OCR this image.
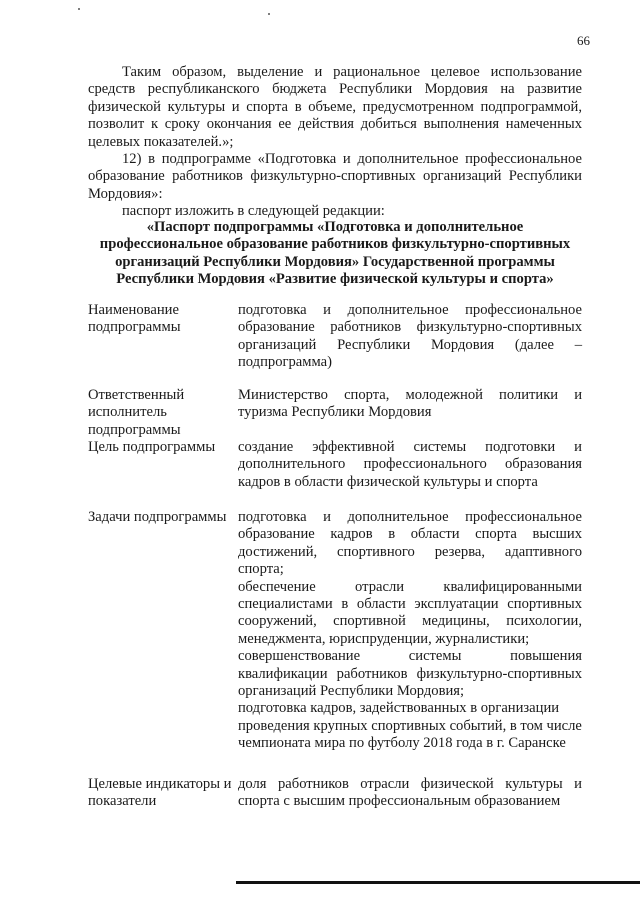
66

Таким образом, выделение и рациональное целевое использование средств республиканского бюджета Республики Мордовия на развитие физической культуры и спорта в объеме, предусмотренном подпрограммой, позволит к сроку окончания ее действия добиться выполнения намеченных целевых показателей.»;

12) в подпрограмме «Подготовка и дополнительное профессиональное образование работников физкультурно-спортивных организаций Республики Мордовия»:

паспорт изложить в следующей редакции:

«Паспорт подпрограммы «Подготовка и дополнительное профессиональное образование работников физкультурно-спортивных организаций Республики Мордовия» Государственной программы Республики Мордовия «Развитие физической культуры и спорта»
Наименование подпрограммы
подготовка и дополнительное профессиональное образование работников физкультурно-спортивных организаций Республики Мордовия (далее – подпрограмма)
Ответственный исполнитель подпрограммы
Министерство спорта, молодежной политики и туризма Республики Мордовия
Цель подпрограммы	создание эффективной системы подготовки и дополнительного профессионального образования кадров в области физической культуры и спорта
Задачи подпрограммы подготовка и дополнительное профессиональное образование кадров в области спорта высших достижений, спортивного резерва, адаптивного спорта;

обеспечение отрасли квалифицированными специалистами в области эксплуатации спортивных сооружений, спортивной медицины, психологии, менеджмента, юриспруденции, журналистики;

совершенствование системы повышения квалификации работников физкультурно-спортивных организаций Республики Мордовия;

подготовка кадров, задействованных в организации проведения крупных спортивных событий, в том числе чемпионата мира по футболу 2018 года в г. Саранске

Целевые индикаторы и показатели
доля работников отрасли физической культуры и спорта с высшим профессиональным образованием
